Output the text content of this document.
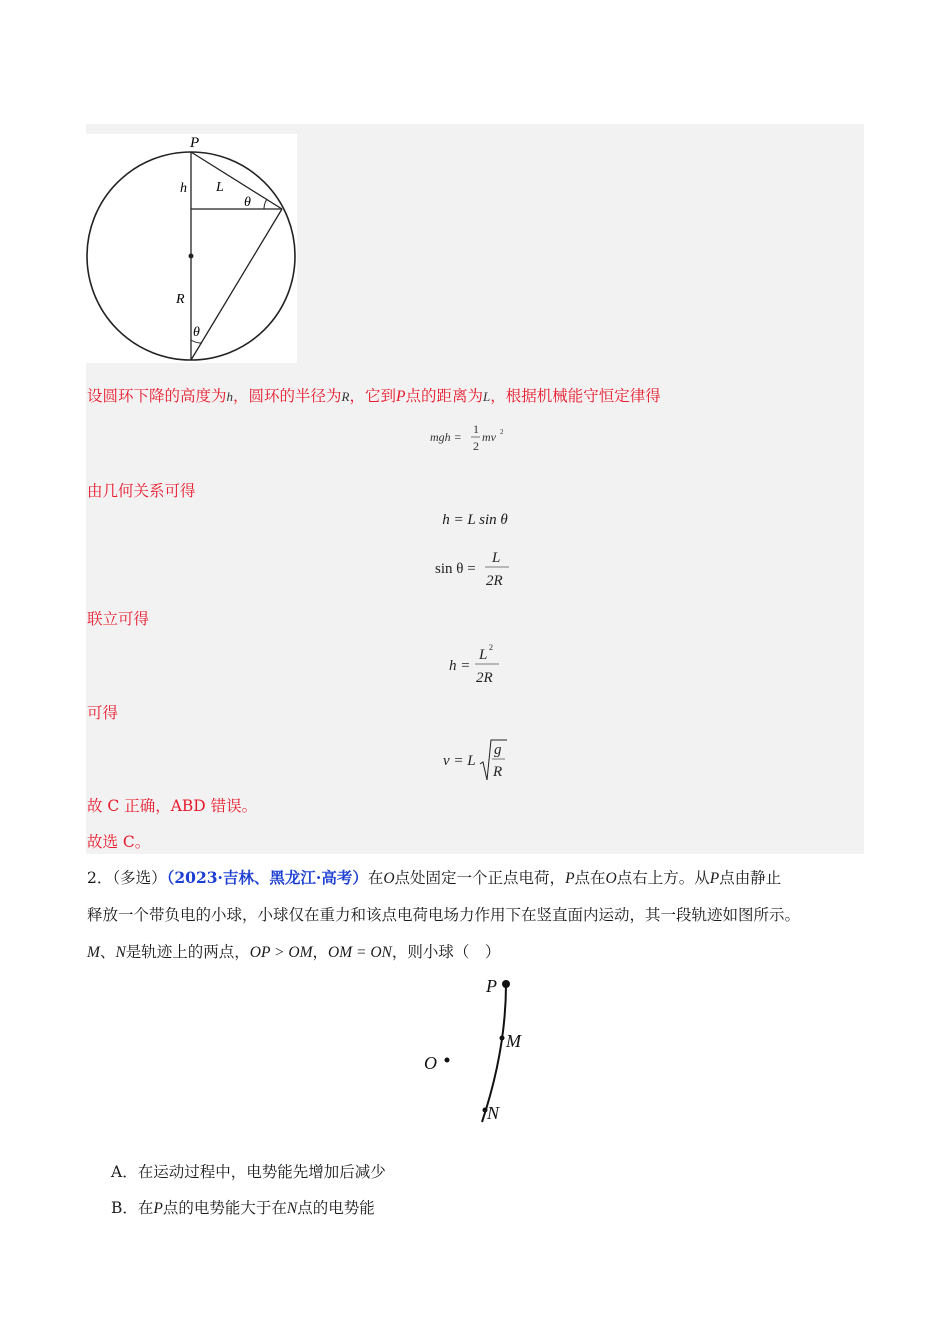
P
h L
θ
R
θ
设圆环下降的高度为h，圆环的半径为R，它到P点的距离为L，根据机械能守恒定律得
mgh =
1
2
mv 2
由几何关系可得
h = L sin θ
sin θ =
L
2R
联立可得
h =
L 2
2R
可得
v = L
g
R
故 C 正确，ABD 错误。
故选 C。
2．（多选）（2023·吉林、黑龙江·高考）在O点处固定一个正点电荷，P点在O点右上方。从P点由静止
释放一个带负电的小球，小球仅在重力和该点电荷电场力作用下在竖直面内运动，其一段轨迹如图所示。
M、N是轨迹上的两点，OP > OM，OM = ON，则小球（　）
P
M
O
N
A．在运动过程中，电势能先增加后减少
B．在P点的电势能大于在N点的电势能
